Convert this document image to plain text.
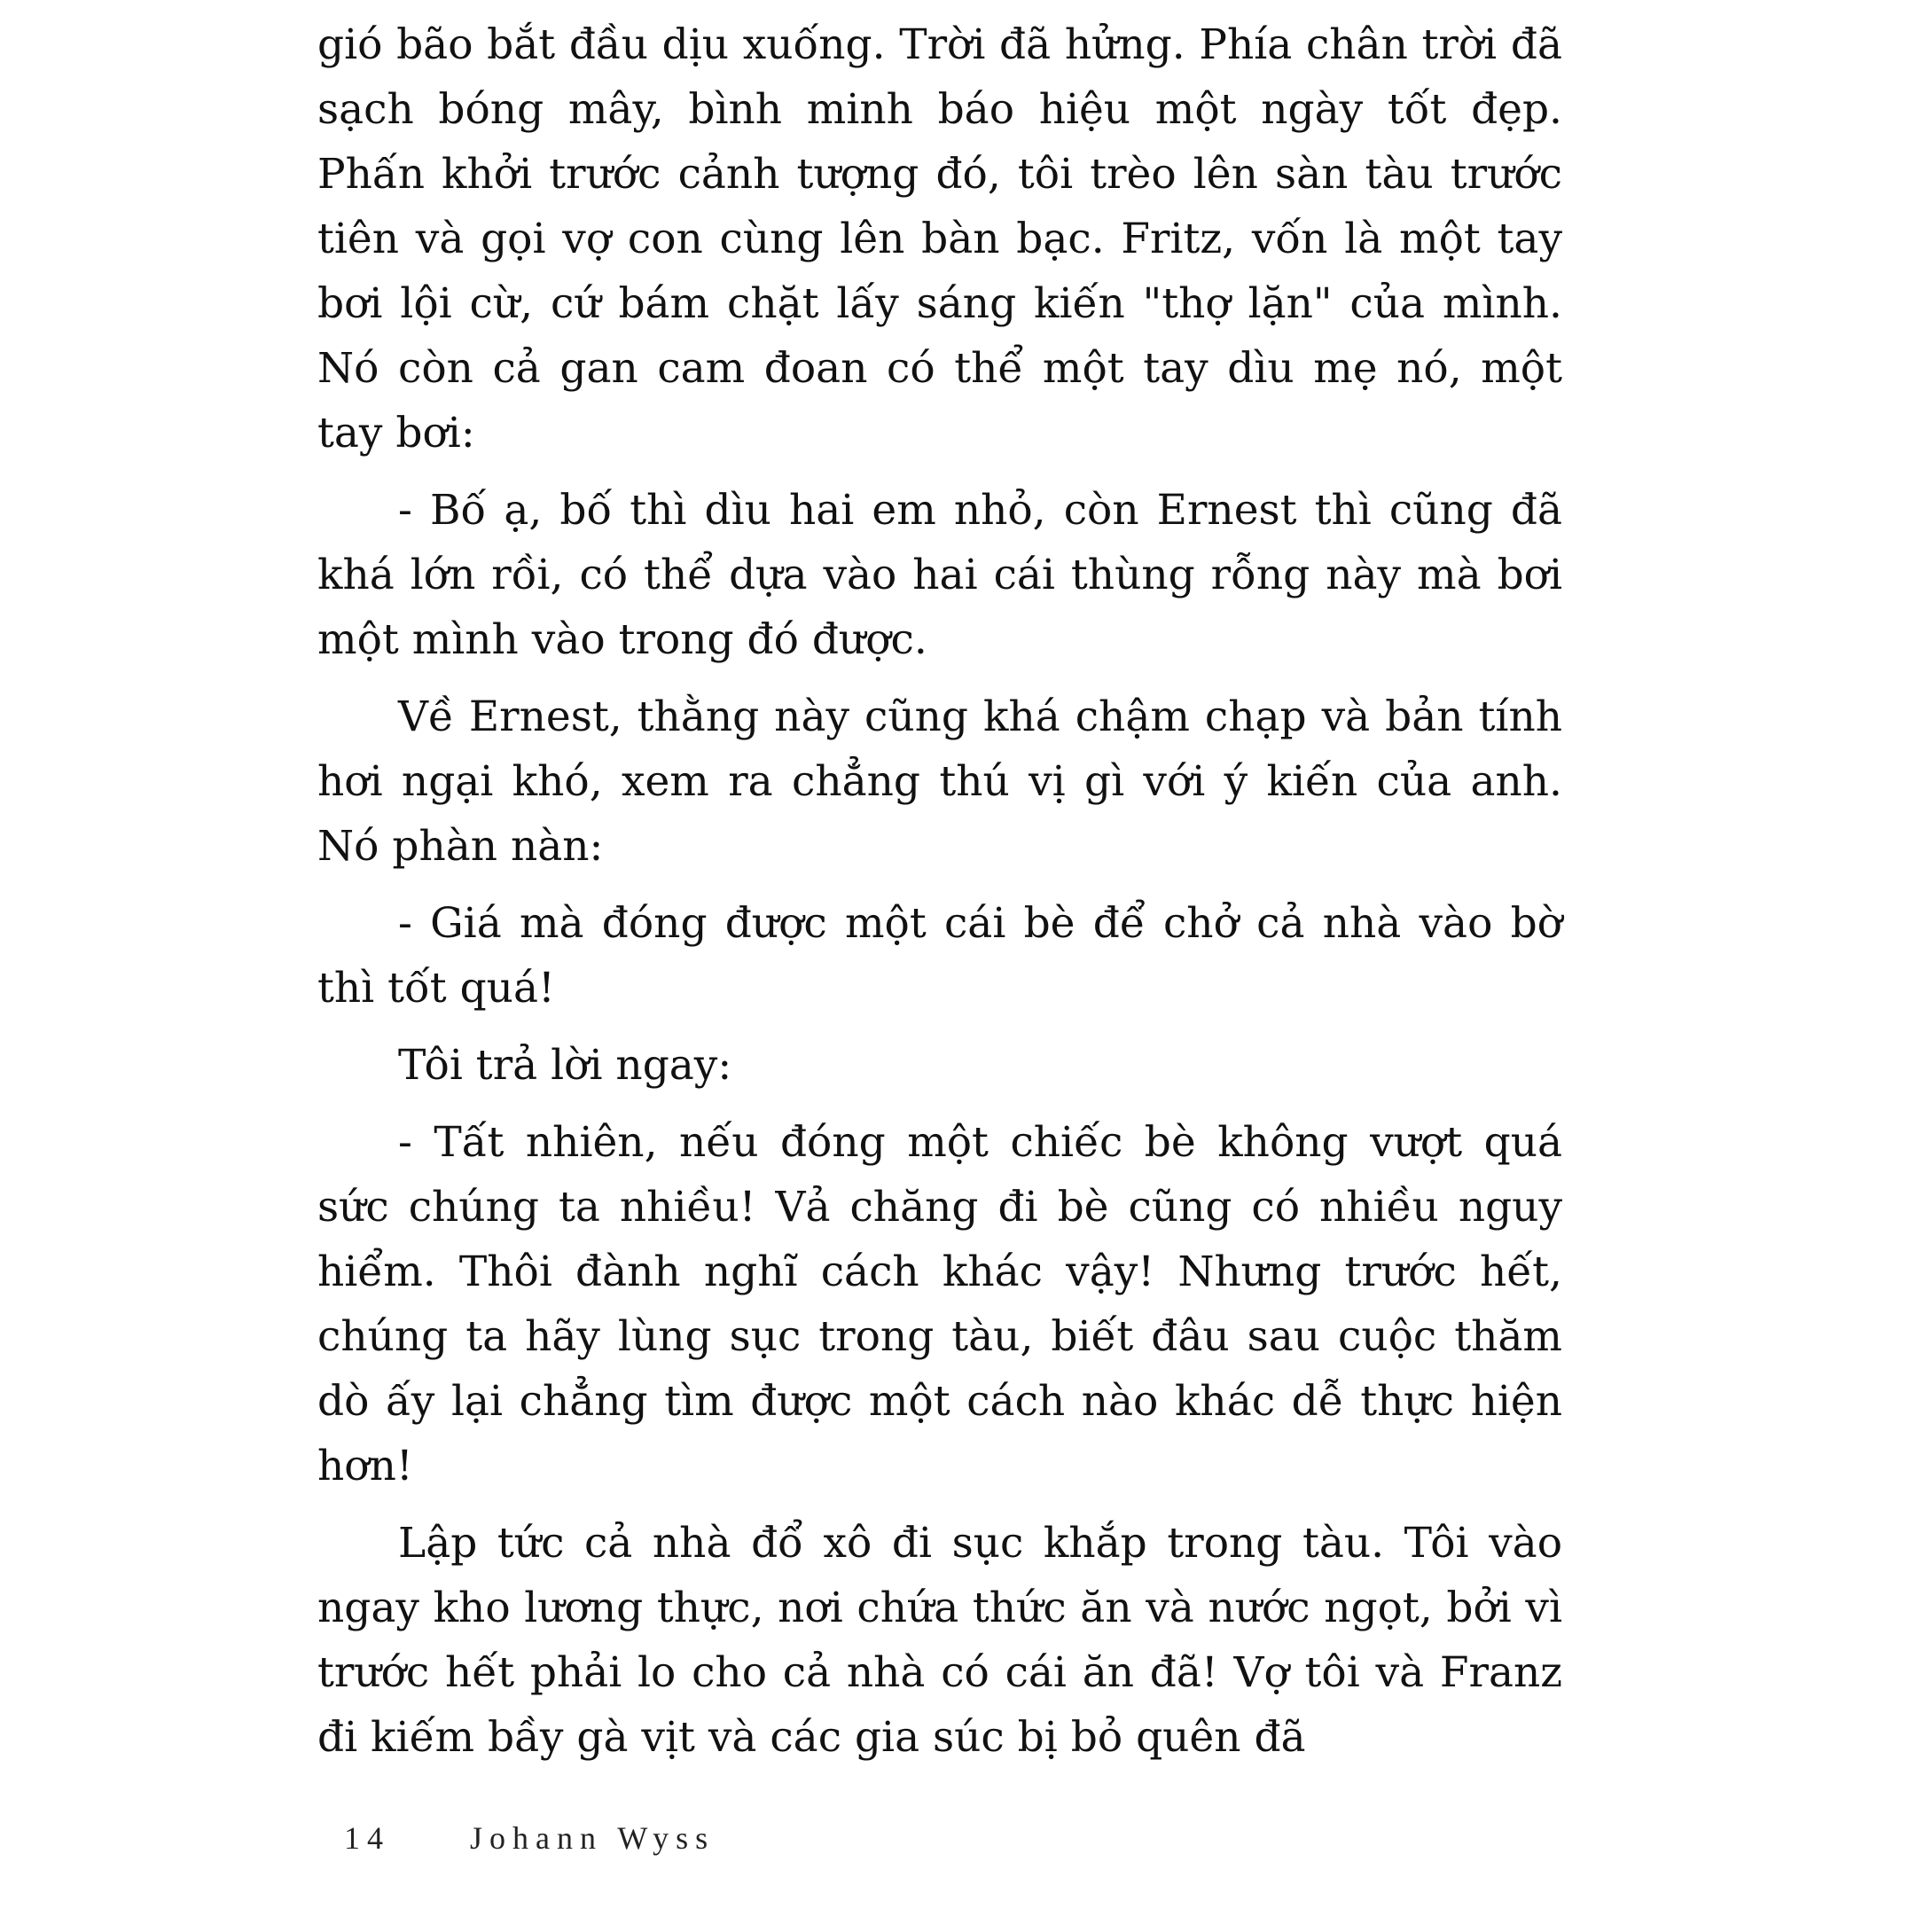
gió bão bắt đầu dịu xuống. Trời đã hửng. Phía chân trời đã sạch bóng mây, bình minh báo hiệu một ngày tốt đẹp. Phấn khởi trước cảnh tượng đó, tôi trèo lên sàn tàu trước tiên và gọi vợ con cùng lên bàn bạc. Fritz, vốn là một tay bơi lội cừ, cứ bám chặt lấy sáng kiến "thợ lặn" của mình. Nó còn cả gan cam đoan có thể một tay dìu mẹ nó, một tay bơi:

- Bố ạ, bố thì dìu hai em nhỏ, còn Ernest thì cũng đã khá lớn rồi, có thể dựa vào hai cái thùng rỗng này mà bơi một mình vào trong đó được.

Về Ernest, thằng này cũng khá chậm chạp và bản tính hơi ngại khó, xem ra chẳng thú vị gì với ý kiến của anh. Nó phàn nàn:

- Giá mà đóng được một cái bè để chở cả nhà vào bờ thì tốt quá!

Tôi trả lời ngay:

- Tất nhiên, nếu đóng một chiếc bè không vượt quá sức chúng ta nhiều! Vả chăng đi bè cũng có nhiều nguy hiểm. Thôi đành nghĩ cách khác vậy! Nhưng trước hết, chúng ta hãy lùng sục trong tàu, biết đâu sau cuộc thăm dò ấy lại chẳng tìm được một cách nào khác dễ thực hiện hơn!

Lập tức cả nhà đổ xô đi sục khắp trong tàu. Tôi vào ngay kho lương thực, nơi chứa thức ăn và nước ngọt, bởi vì trước hết phải lo cho cả nhà có cái ăn đã! Vợ tôi và Franz đi kiếm bầy gà vịt và các gia súc bị bỏ quên đã

14	Johann Wyss
